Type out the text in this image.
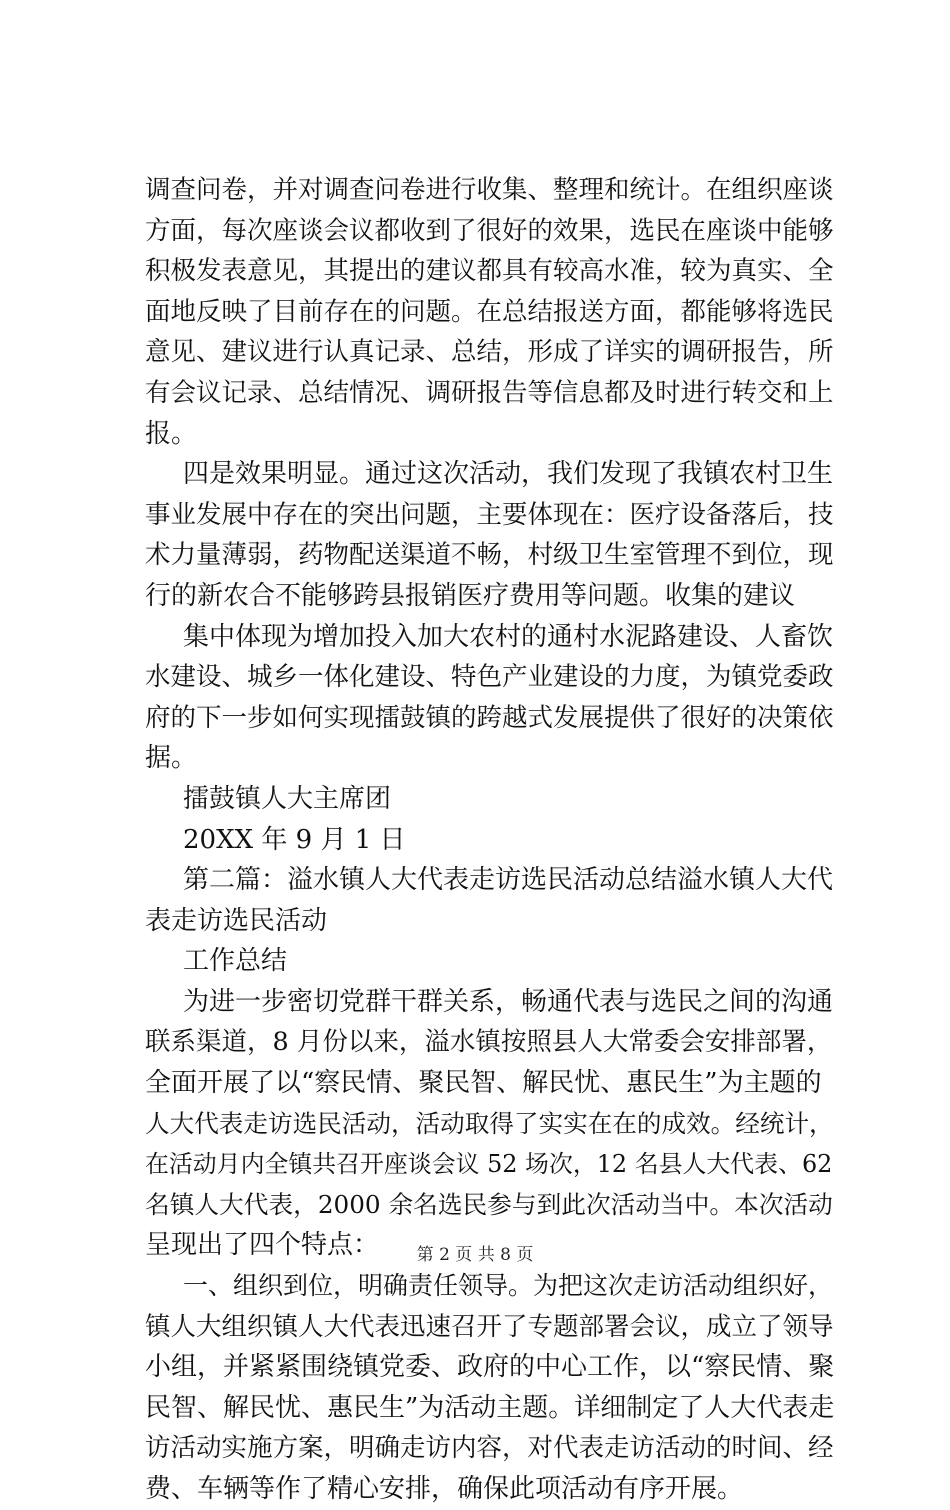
调查问卷，并对调查问卷进行收集、整理和统计。在组织座谈
方面，每次座谈会议都收到了很好的效果，选民在座谈中能够
积极发表意见，其提出的建议都具有较高水准，较为真实、全
面地反映了目前存在的问题。在总结报送方面，都能够将选民
意见、建议进行认真记录、总结，形成了详实的调研报告，所
有会议记录、总结情况、调研报告等信息都及时进行转交和上
报。
四是效果明显。通过这次活动，我们发现了我镇农村卫生
事业发展中存在的突出问题，主要体现在：医疗设备落后，技
术力量薄弱，药物配送渠道不畅，村级卫生室管理不到位，现
行的新农合不能够跨县报销医疗费用等问题。收集的建议
集中体现为增加投入加大农村的通村水泥路建设、人畜饮
水建设、城乡一体化建设、特色产业建设的力度，为镇党委政
府的下一步如何实现擂鼓镇的跨越式发展提供了很好的决策依
据。
擂鼓镇人大主席团
20XX 年 9 月 1 日
第二篇：溢水镇人大代表走访选民活动总结溢水镇人大代
表走访选民活动
工作总结
为进一步密切党群干群关系，畅通代表与选民之间的沟通
联系渠道，8 月份以来，溢水镇按照县人大常委会安排部署，
全面开展了以“察民情、聚民智、解民忧、惠民生”为主题的
人大代表走访选民活动，活动取得了实实在在的成效。经统计，
在活动月内全镇共召开座谈会议 52 场次，12 名县人大代表、62
名镇人大代表，2000 余名选民参与到此次活动当中。本次活动
呈现出了四个特点：
一、组织到位，明确责任领导。为把这次走访活动组织好，
镇人大组织镇人大代表迅速召开了专题部署会议，成立了领导
小组，并紧紧围绕镇党委、政府的中心工作，以“察民情、聚
民智、解民忧、惠民生”为活动主题。详细制定了人大代表走
访活动实施方案，明确走访内容，对代表走访活动的时间、经
费、车辆等作了精心安排，确保此项活动有序开展。
第 2 页 共 8 页
